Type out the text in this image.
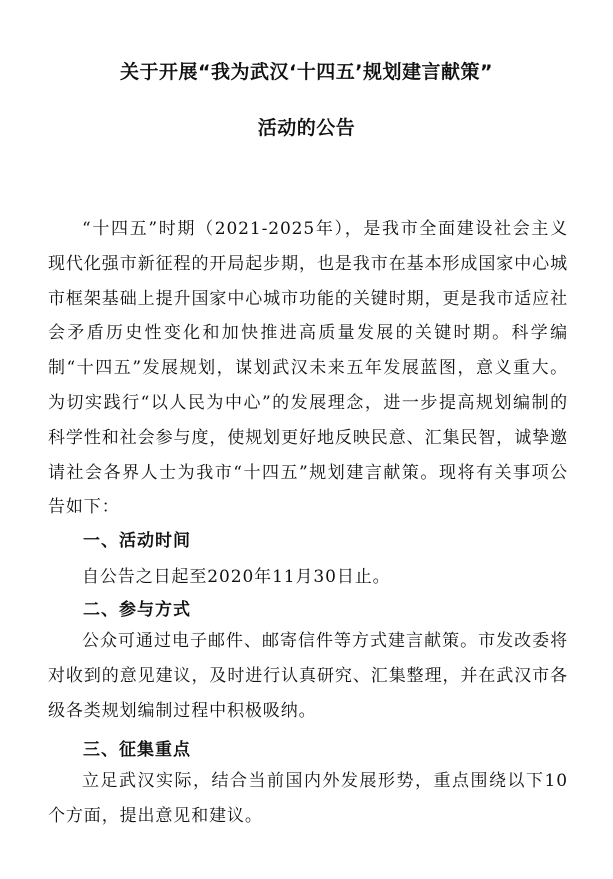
关于开展“我为武汉‘十四五’规划建言献策”
活动的公告

“十四五”时期（2021-2025年），是我市全面建设社会主义现代化强市新征程的开局起步期，也是我市在基本形成国家中心城市框架基础上提升国家中心城市功能的关键时期，更是我市适应社会矛盾历史性变化和加快推进高质量发展的关键时期。科学编制“十四五”发展规划，谋划武汉未来五年发展蓝图，意义重大。为切实践行“以人民为中心”的发展理念，进一步提高规划编制的科学性和社会参与度，使规划更好地反映民意、汇集民智，诚挚邀请社会各界人士为我市“十四五”规划建言献策。现将有关事项公告如下：

一、活动时间

自公告之日起至2020年11月30日止。

二、参与方式

公众可通过电子邮件、邮寄信件等方式建言献策。市发改委将对收到的意见建议，及时进行认真研究、汇集整理，并在武汉市各级各类规划编制过程中积极吸纳。

三、征集重点

立足武汉实际，结合当前国内外发展形势，重点围绕以下10个方面，提出意见和建议。
